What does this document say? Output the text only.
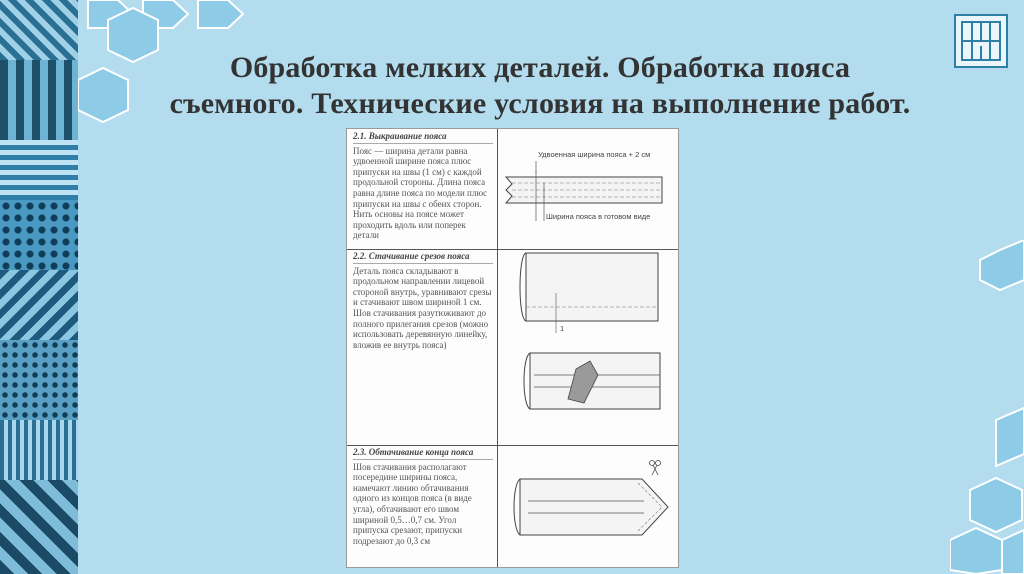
Обработка мелких деталей. Обработка пояса
съемного. Технические условия на выполнение работ.
2.1. Выкраивание пояса
Пояс — ширина детали равна удвоенной ширине пояса плюс припуски на швы (1 см) с каждой продольной стороны. Длина пояса равна длине пояса по модели плюс припуски на швы с обеих сторон. Нить основы на поясе может проходить вдоль или поперек детали
Удвоенная ширина пояса + 2 см
Ширина пояса в готовом виде
2.2. Стачивание срезов пояса
Деталь пояса складывают в продольном направлении лицевой стороной внутрь, уравнивают срезы и стачивают швом шириной 1 см. Шов стачивания разутюживают до полного прилегания срезов (можно использовать деревянную линейку, вложив ее внутрь пояса)
1
2.3. Обтачивание конца пояса
Шов стачивания располагают посередине ширины пояса, намечают линию обтачивания одного из концов пояса (в виде угла), обтачивают его швом шириной 0,5…0,7 см. Угол припуска срезают, припуски подрезают до 0,3 см
